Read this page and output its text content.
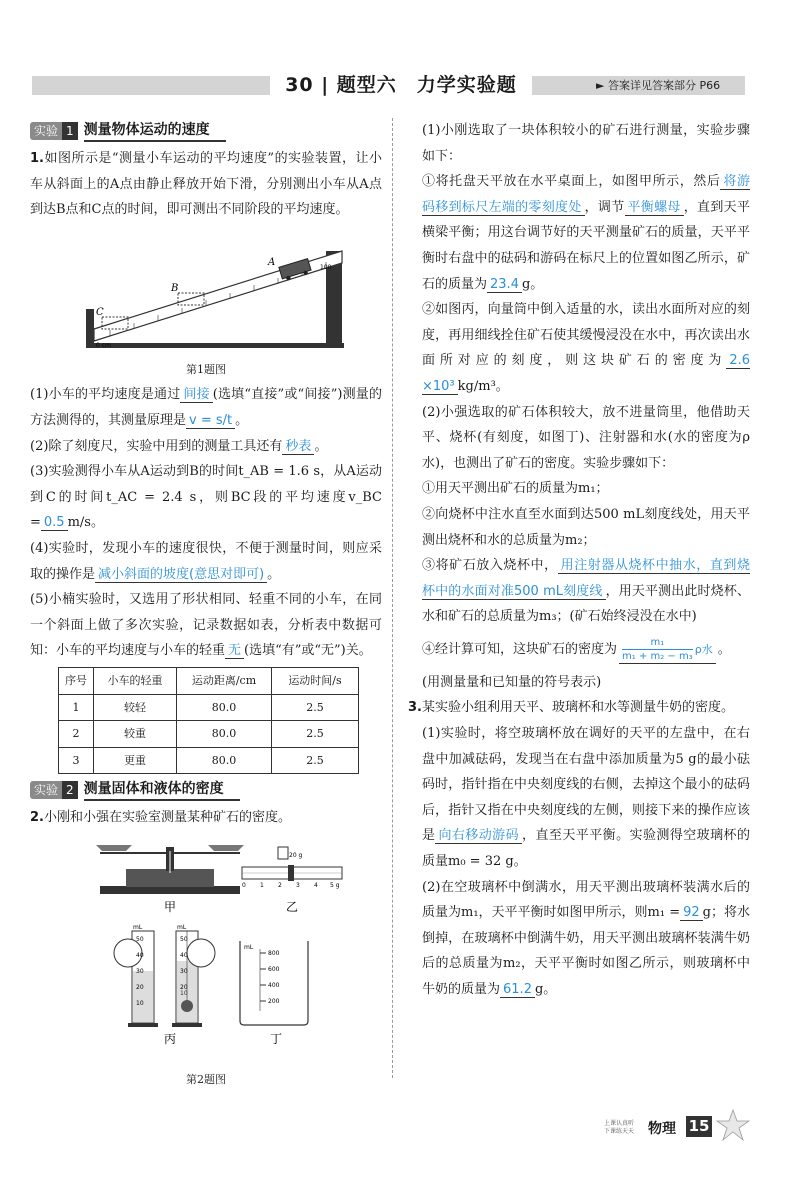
30 | 题型六　力学实验题	► 答案详见答案部分 P66
实验 1 测量物体运动的速度

1.如图所示是“测量小车运动的平均速度”的实验装置，让小车从斜面上的A点由静止释放开始下滑，分别测出小车从A点到达B点和C点的时间，即可测出不同阶段的平均速度。

0 cm
100
C
B
A
第1题图

(1)小车的平均速度是通过 间接 (选填“直接”或“间接”)测量的方法测得的，其测量原理是 v = s/t 。

(2)除了刻度尺，实验中用到的测量工具还有 秒表 。

(3)实验测得小车从A运动到B的时间t_AB = 1.6 s，从A运动到C的时间t_AC = 2.4 s，则BC段的平均速度v_BC = 0.5 m/s。

(4)实验时，发现小车的速度很快，不便于测量时间，则应采取的操作是 减小斜面的坡度(意思对即可) 。

(5)小楠实验时，又选用了形状相同、轻重不同的小车，在同一个斜面上做了多次实验，记录数据如表，分析表中数据可知：小车的平均速度与小车的轻重 无 (选填“有”或“无”)关。

序号	小车的轻重	运动距离/cm	运动时间/s
1	较轻	80.0	2.5
2	较重	80.0	2.5
3	更重	80.0	2.5
实验 2 测量固体和液体的密度

2.小刚和小强在实验室测量某种矿石的密度。

甲
20 g
0 1 2 3 4 5 g
乙
mL	mL
50
40
30
20
10
50
40
30
20
10
丙
mL
800
600
400
200
丁
第2题图

(1)小刚选取了一块体积较小的矿石进行测量，实验步骤如下：

①将托盘天平放在水平桌面上，如图甲所示，然后 将游码移到标尺左端的零刻度处 ，调节 平衡螺母 ，直到天平横梁平衡；用这台调节好的天平测量矿石的质量，天平平衡时右盘中的砝码和游码在标尺上的位置如图乙所示，矿石的质量为 23.4 g。

②如图丙，向量筒中倒入适量的水，读出水面所对应的刻度，再用细线拴住矿石使其缓慢浸没在水中，再次读出水面所对应的刻度，则这块矿石的密度为 2.6 ×10³ kg/m³。

(2)小强选取的矿石体积较大，放不进量筒里，他借助天平、烧杯(有刻度，如图丁)、注射器和水(水的密度为ρ水)，也测出了矿石的密度。实验步骤如下：

①用天平测出矿石的质量为m₁；

②向烧杯中注水直至水面到达500 mL刻度线处，用天平测出烧杯和水的总质量为m₂；

③将矿石放入烧杯中， 用注射器从烧杯中抽水，直到烧杯中的水面对准500 mL刻度线 ，用天平测出此时烧杯、水和矿石的总质量为m₃；(矿石始终浸没在水中)

④经计算可知，这块矿石的密度为 $\frac{\text{m₁}}{\text{m₁ + m₂ − m₃}}$ ρ水 。

(用测量量和已知量的符号表示)

3.某实验小组利用天平、玻璃杯和水等测量牛奶的密度。

(1)实验时，将空玻璃杯放在调好的天平的左盘中，在右盘中加减砝码，发现当在右盘中添加质量为5 g的最小砝码时，指针指在中央刻度线的右侧，去掉这个最小的砝码后，指针又指在中央刻度线的左侧，则接下来的操作应该是 向右移动游码 ，直至天平平衡。实验测得空玻璃杯的质量m₀ = 32 g。

(2)在空玻璃杯中倒满水，用天平测出玻璃杯装满水后的质量为m₁，天平平衡时如图甲所示，则m₁ = 92 g；将水倒掉，在玻璃杯中倒满牛奶，用天平测出玻璃杯装满牛奶后的总质量为m₂，天平平衡时如图乙所示，则玻璃杯中牛奶的质量为 61.2 g。

上课认真听
下课练天天 物理 15
